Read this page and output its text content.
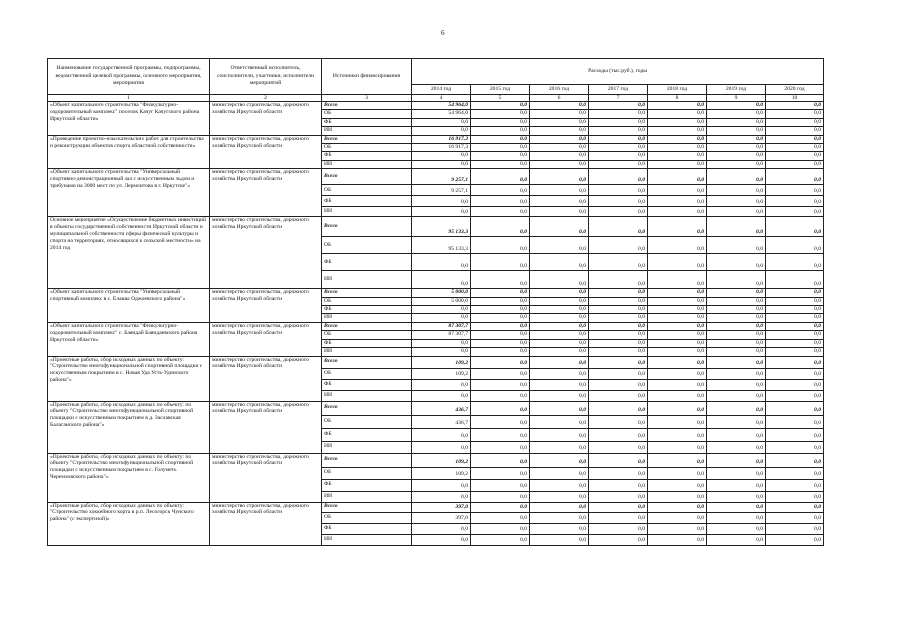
6
Наименование государственной программы, подпрограммы, ведомственной целевой программы, основного мероприятия, мероприятия	Ответственный исполнитель, соисполнители, участники, исполнители мероприятий	Источники финансирования	Расходы (тыс.руб.), годы						
			2014 год	2015 год	2016 год	2017 год	2018 год	2019 год	2020 год
1	2	3	4	5	6	7	8	9	10
«Объект капитального строительства "Физкультурно-оздоровительный комплекс" поселок Качуг Качугского района Иркутской области»	министерство строительства, дорожного хозяйства Иркутской области	Всего	54 964,0	0,0	0,0	0,0	0,0	0,0	0,0
		ОБ	54 964,0	0,0	0,0	0,0	0,0	0,0	0,0
		ФБ	0,0	0,0	0,0	0,0	0,0	0,0	0,0
		ИИ	0,0	0,0	0,0	0,0	0,0	0,0	0,0
«Проведение проектно-изыскательских работ для строительства и реконструкции объектов спорта областной собственности»	министерство строительства, дорожного хозяйства Иркутской области	Всего	16 917,3	0,0	0,0	0,0	0,0	0,0	0,0
		ОБ	16 917,3	0,0	0,0	0,0	0,0	0,0	0,0
		ФБ	0,0	0,0	0,0	0,0	0,0	0,0	0,0
		ИИ	0,0	0,0	0,0	0,0	0,0	0,0	0,0
«Объект капитального строительства "Универсальный спортивно-демонстрационный зал с искусственным льдом и трибунами на 3000 мест по ул. Лермонтова в г. Иркутске"»	министерство строительства, дорожного хозяйства Иркутской области	Всего	9 257,1	0,0	0,0	0,0	0,0	0,0	0,0
		ОБ	9 257,1	0,0	0,0	0,0	0,0	0,0	0,0
		ФБ	0,0	0,0	0,0	0,0	0,0	0,0	0,0
		ИИ	0,0	0,0	0,0	0,0	0,0	0,0	0,0
Основное мероприятие «Осуществление бюджетных инвестиций в объекты государственной собственности Иркутской области и муниципальной собственности сферы физической культуры и спорта на территориях, относящихся к сельской местности» на 2014 год	министерство строительства, дорожного хозяйства Иркутской области	Всего	95 133,3	0,0	0,0	0,0	0,0	0,0	0,0
		ОБ	95 133,3	0,0	0,0	0,0	0,0	0,0	0,0
		ФБ	0,0	0,0	0,0	0,0	0,0	0,0	0,0
		ИИ	0,0	0,0	0,0	0,0	0,0	0,0	0,0
«Объект капитального строительства "Универсальный спортивный комплекс в с. Елашы Оджоевского района"»	министерство строительства, дорожного хозяйства Иркутской области	Всего	5 000,0	0,0	0,0	0,0	0,0	0,0	0,0
		ОБ	5 000,0	0,0	0,0	0,0	0,0	0,0	0,0
		ФБ	0,0	0,0	0,0	0,0	0,0	0,0	0,0
		ИИ	0,0	0,0	0,0	0,0	0,0	0,0	0,0
«Объект капитального строительства "Физкультурно-оздоровительный комплекс" с. Баяндай Баяндаевского района Иркутской области»	министерство строительства, дорожного хозяйства Иркутской области	Всего	87 307,7	0,0	0,0	0,0	0,0	0,0	0,0
		ОБ	87 307,7	0,0	0,0	0,0	0,0	0,0	0,0
		ФБ	0,0	0,0	0,0	0,0	0,0	0,0	0,0
		ИИ	0,0	0,0	0,0	0,0	0,0	0,0	0,0
«Проектные работы, сбор исходных данных по объекту: "Строительство многофункциональной спортивной площадки с искусственным покрытием в с. Новая Уда Усть-Удинского района"»	министерство строительства, дорожного хозяйства Иркутской области	Всего	109,2	0,0	0,0	0,0	0,0	0,0	0,0
		ОБ	109,2	0,0	0,0	0,0	0,0	0,0	0,0
		ФБ	0,0	0,0	0,0	0,0	0,0	0,0	0,0
		ИИ	0,0	0,0	0,0	0,0	0,0	0,0	0,0
«Проектные работы, сбор исходных данных по объекту: по объекту "Строительство многофункциональной спортивной площадки с искусственным покрытием в д. Заславская Балаганского района"»	министерство строительства, дорожного хозяйства Иркутской области	Всего	436,7	0,0	0,0	0,0	0,0	0,0	0,0
		ОБ	436,7	0,0	0,0	0,0	0,0	0,0	0,0
		ФБ	0,0	0,0	0,0	0,0	0,0	0,0	0,0
		ИИ	0,0	0,0	0,0	0,0	0,0	0,0	0,0
«Проектные работы, сбор исходных данных по объекту: по объекту "Строительство многофункциональной спортивной площадки с искусственным покрытием в с. Голуметь Черемховского района"»	министерство строительства, дорожного хозяйства Иркутской области	Всего	109,2	0,0	0,0	0,0	0,0	0,0	0,0
		ОБ	109,2	0,0	0,0	0,0	0,0	0,0	0,0
		ФБ	0,0	0,0	0,0	0,0	0,0	0,0	0,0
		ИИ	0,0	0,0	0,0	0,0	0,0	0,0	0,0
«Проектные работы, сбор исходных данных по объекту: "Строительство хоккейного корта в р.п. Лесогорск Чунского района" (с экспертизой)»	министерство строительства, дорожного хозяйства Иркутской области	Всего	397,0	0,0	0,0	0,0	0,0	0,0	0,0
		ОБ	397,0	0,0	0,0	0,0	0,0	0,0	0,0
		ФБ	0,0	0,0	0,0	0,0	0,0	0,0	0,0
		ИИ	0,0	0,0	0,0	0,0	0,0	0,0	0,0
